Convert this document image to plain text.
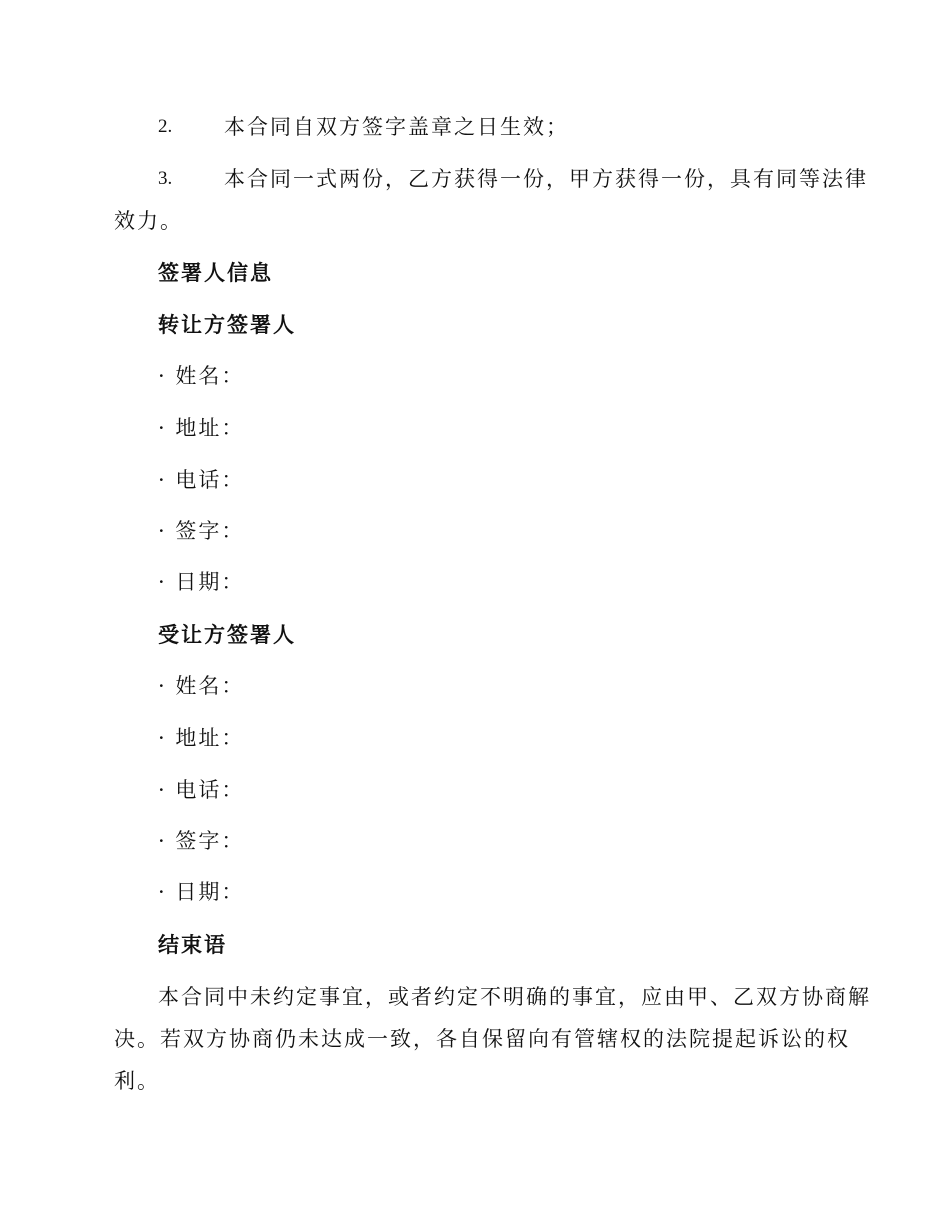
2. 本合同自双方签字盖章之日生效；
3. 本合同一式两份，乙方获得一份，甲方获得一份，具有同等法律
效力。
签署人信息
转让方签署人
· 姓名：
· 地址：
· 电话：
· 签字：
· 日期：
受让方签署人
· 姓名：
· 地址：
· 电话：
· 签字：
· 日期：
结束语
本合同中未约定事宜，或者约定不明确的事宜，应由甲、乙双方协商解
决。若双方协商仍未达成一致，各自保留向有管辖权的法院提起诉讼的权
利。
